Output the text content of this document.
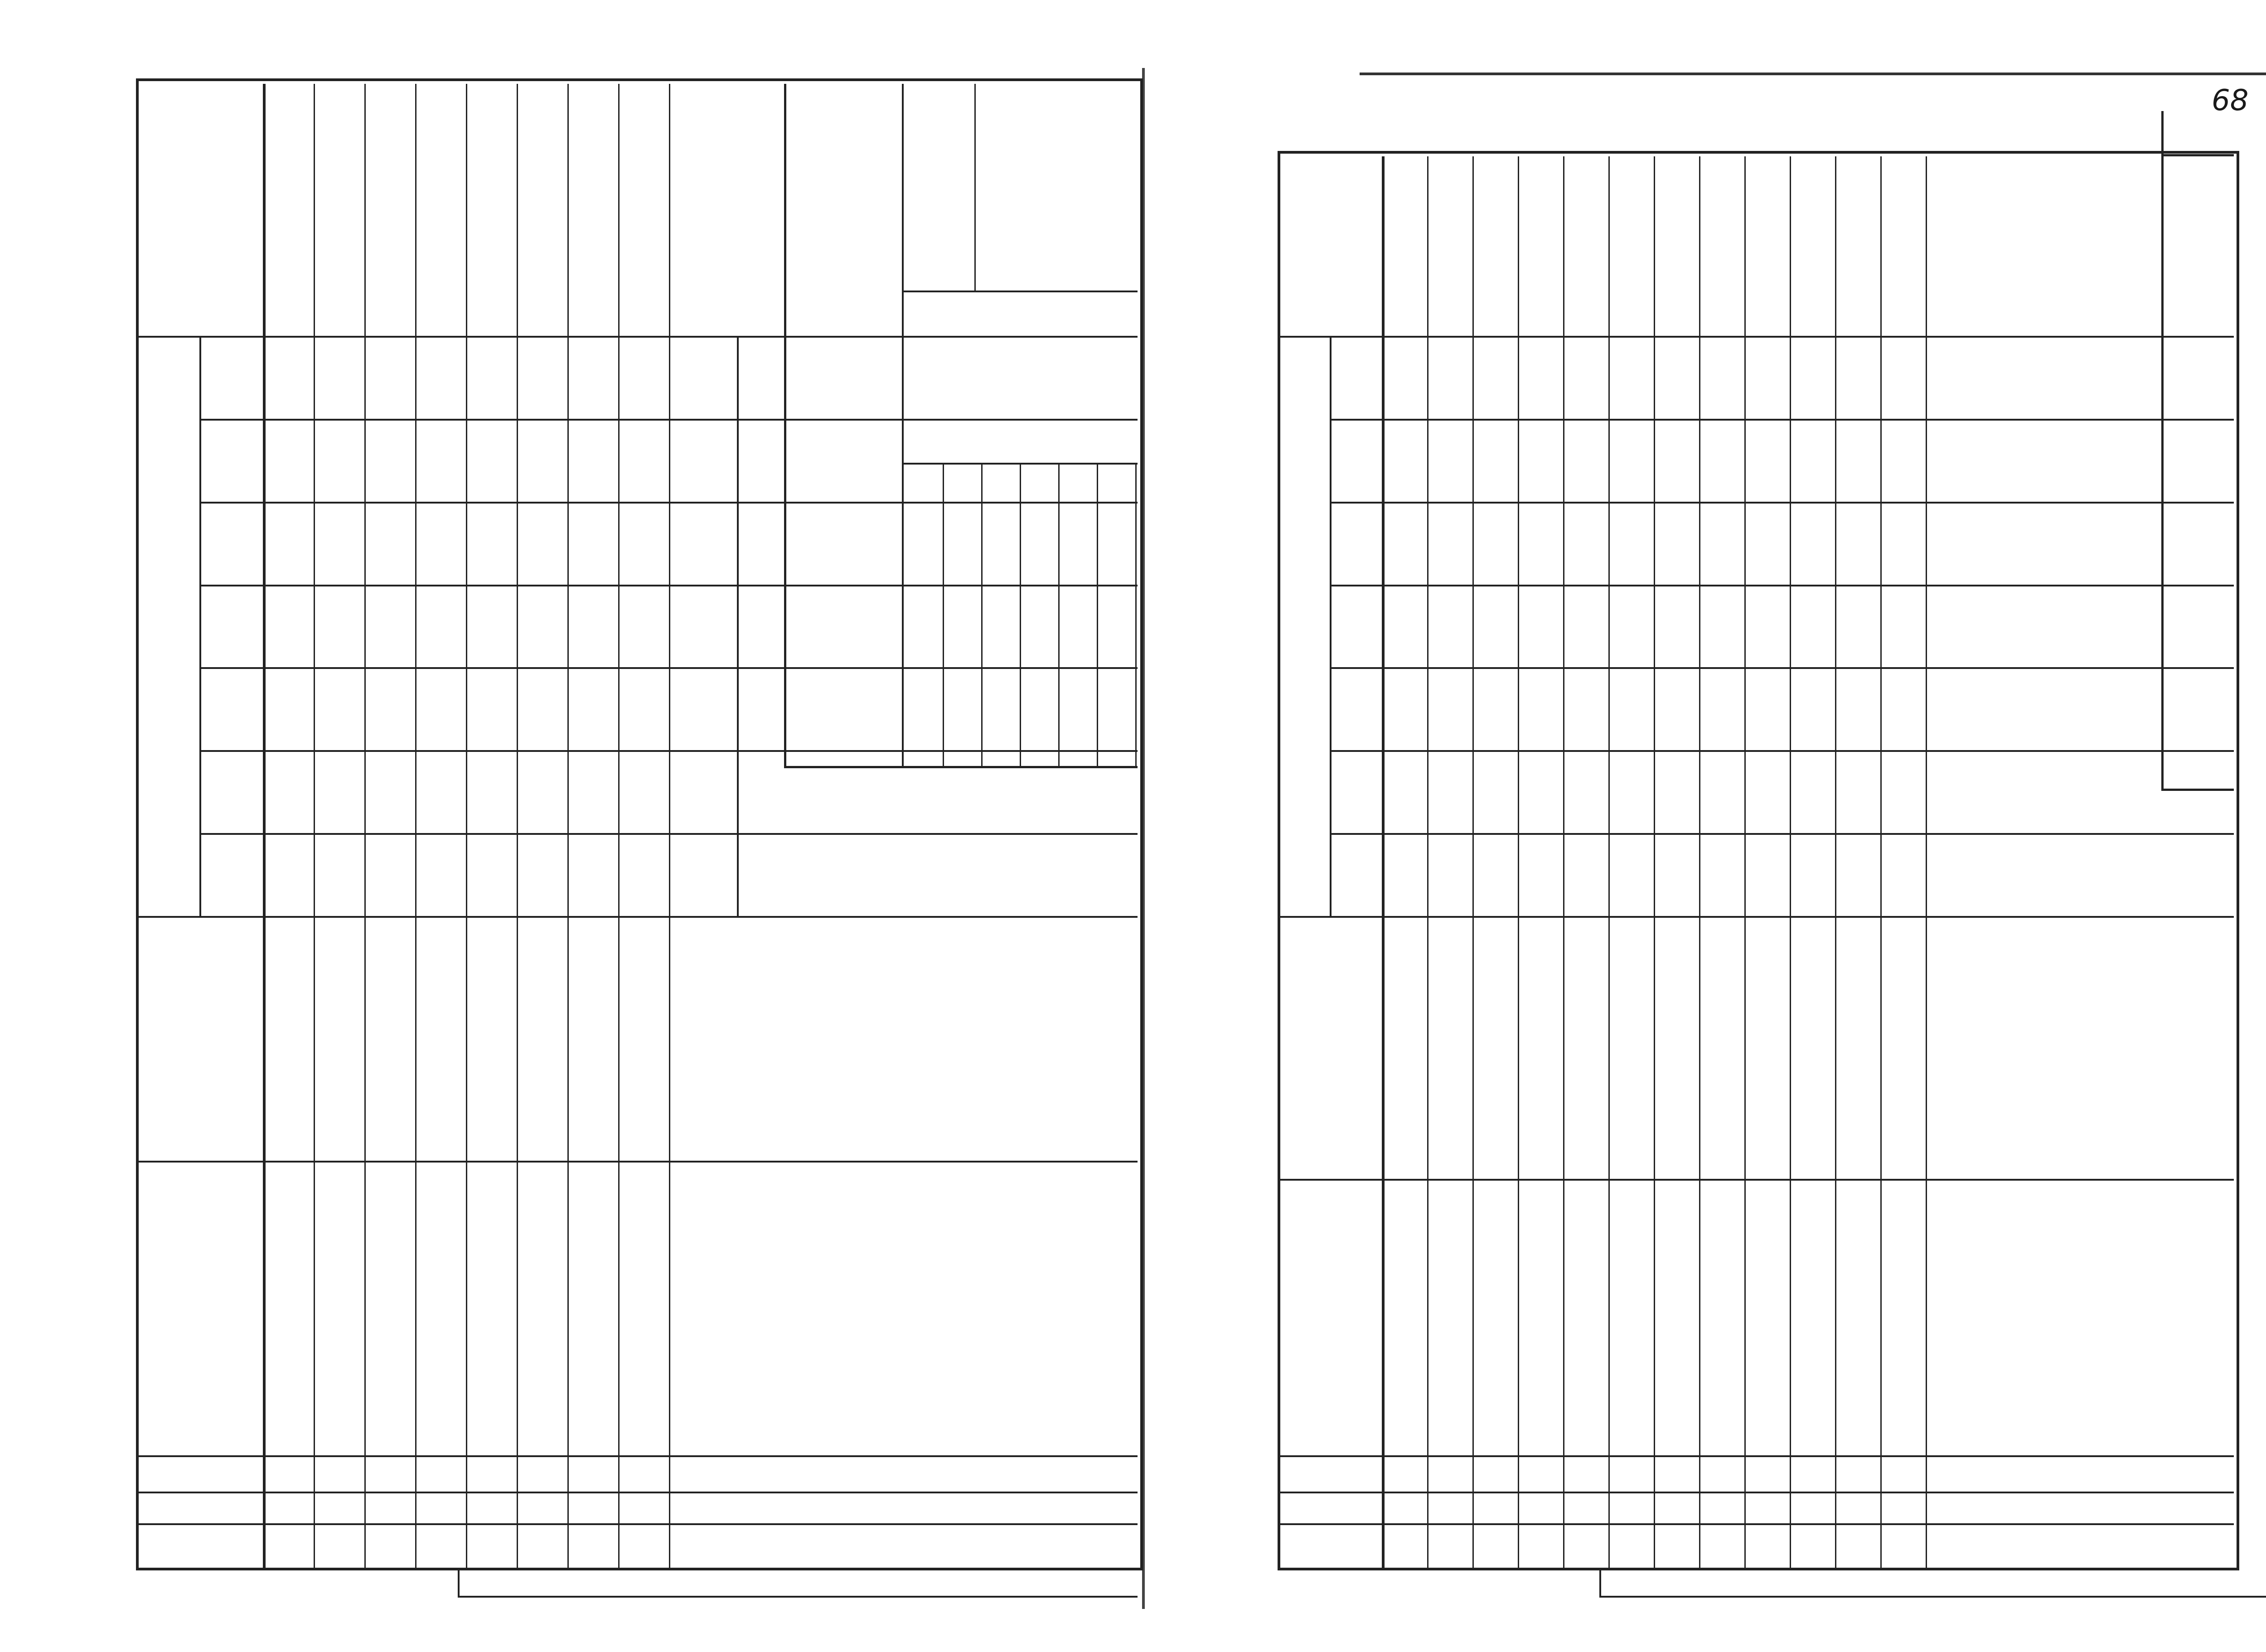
68
